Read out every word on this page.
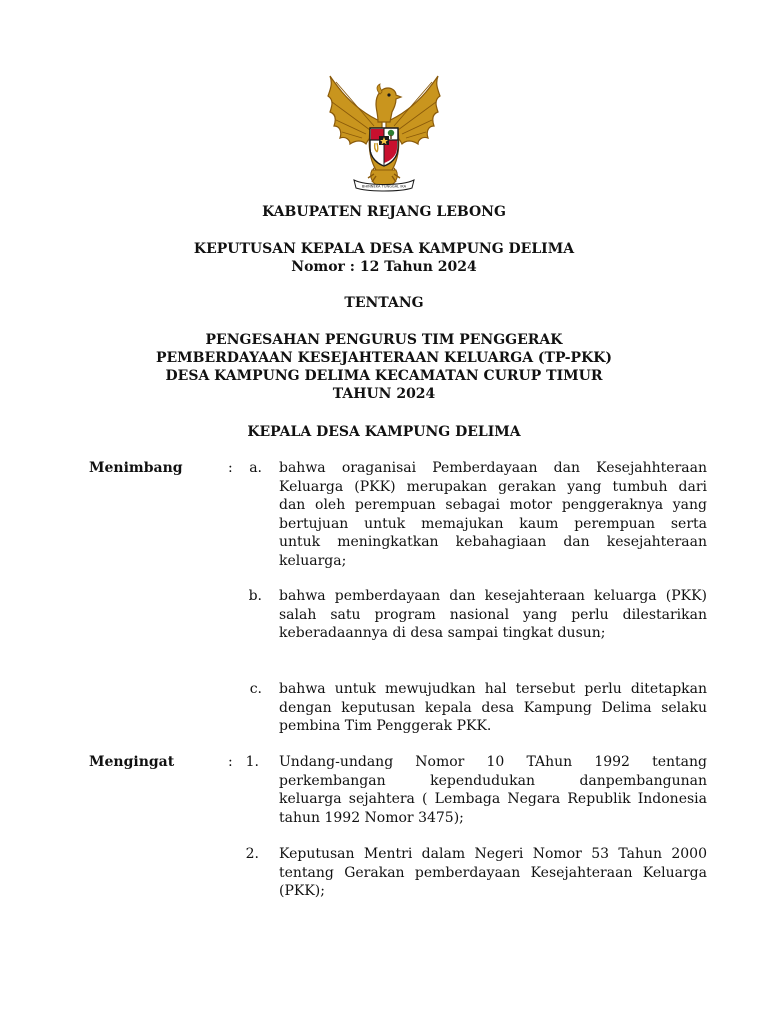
BHINNEKA TUNGGAL IKA
KABUPATEN REJANG LEBONG
KEPUTUSAN KEPALA DESA KAMPUNG DELIMA
Nomor : 12 Tahun 2024
TENTANG
PENGESAHAN PENGURUS TIM PENGGERAK
PEMBERDAYAAN KESEJAHTERAAN KELUARGA (TP-PKK)
DESA KAMPUNG DELIMA KECAMATAN CURUP TIMUR
TAHUN 2024
KEPALA DESA KAMPUNG DELIMA
Menimbang	:	a. bahwa oraganisai Pemberdayaan dan Kesejahhteraan
Keluarga (PKK) merupakan gerakan yang tumbuh dari
dan oleh perempuan sebagai motor penggeraknya yang
bertujuan untuk memajukan kaum perempuan serta
untuk meningkatkan kebahagiaan dan kesejahteraan
keluarga;
b. bahwa pemberdayaan dan kesejahteraan keluarga (PKK)
salah satu program nasional yang perlu dilestarikan
keberadaannya di desa sampai tingkat dusun;
c. bahwa untuk mewujudkan hal tersebut perlu ditetapkan
dengan keputusan kepala desa Kampung Delima selaku
pembina Tim Penggerak PKK.
Mengingat	: 1. Undang-undang Nomor 10 TAhun 1992 tentang
perkembangan kependudukan danpembangunan
keluarga sejahtera ( Lembaga Negara Republik Indonesia
tahun 1992 Nomor 3475);
2. Keputusan Mentri dalam Negeri Nomor 53 Tahun 2000
tentang Gerakan pemberdayaan Kesejahteraan Keluarga
(PKK);
